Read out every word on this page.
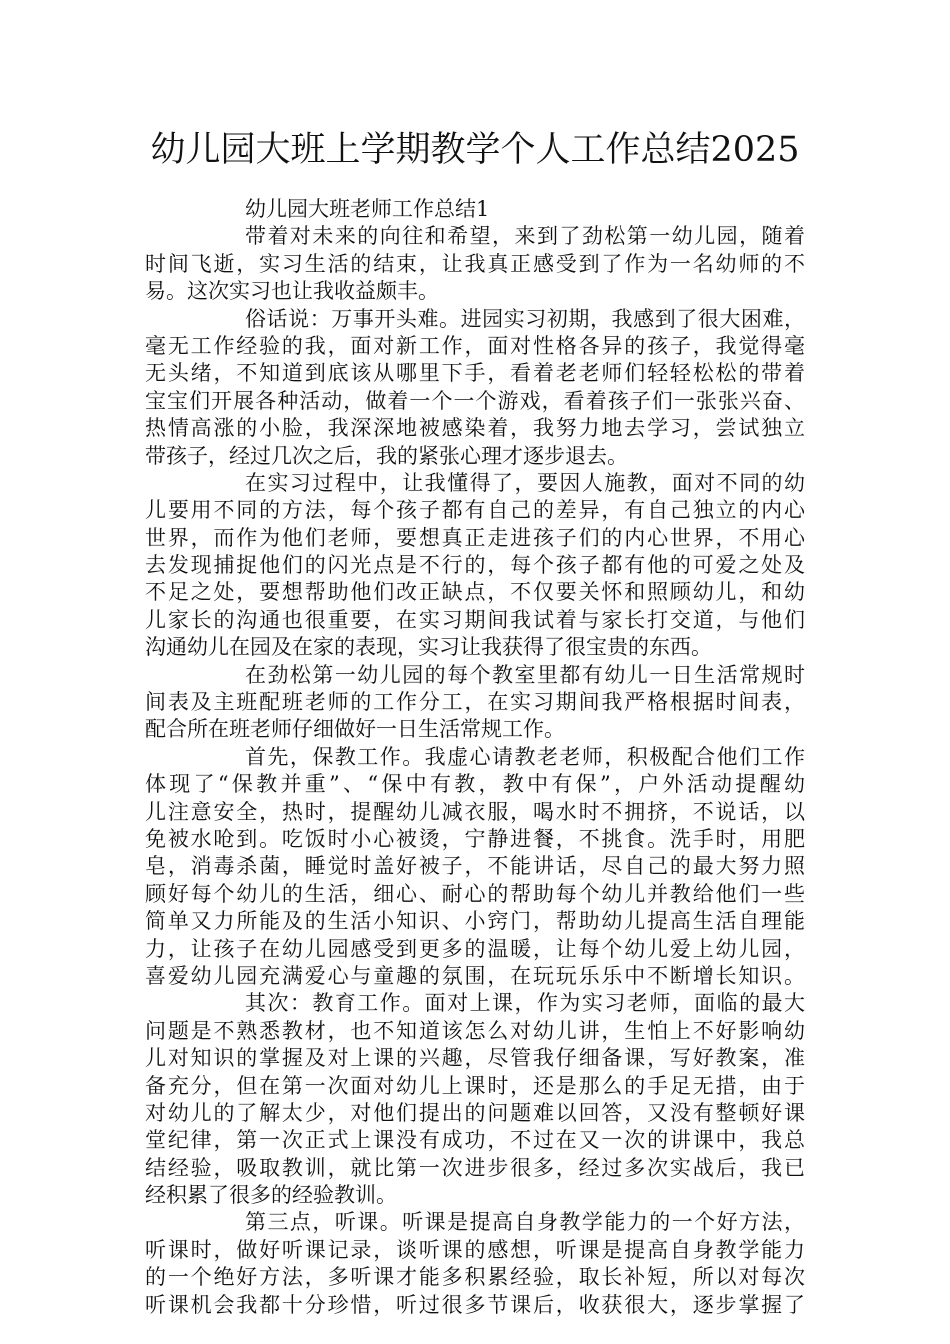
幼儿园大班上学期教学个人工作总结2025
幼儿园大班老师工作总结1
带着对未来的向往和希望，来到了劲松第一幼儿园，随着
时间飞逝，实习生活的结束，让我真正感受到了作为一名幼师的不
易。这次实习也让我收益颇丰。
俗话说：万事开头难。进园实习初期，我感到了很大困难，
毫无工作经验的我，面对新工作，面对性格各异的孩子，我觉得毫
无头绪，不知道到底该从哪里下手，看着老老师们轻轻松松的带着
宝宝们开展各种活动，做着一个一个游戏，看着孩子们一张张兴奋、
热情高涨的小脸，我深深地被感染着，我努力地去学习，尝试独立
带孩子，经过几次之后，我的紧张心理才逐步退去。
在实习过程中，让我懂得了，要因人施教，面对不同的幼
儿要用不同的方法，每个孩子都有自己的差异，有自己独立的内心
世界，而作为他们老师，要想真正走进孩子们的内心世界，不用心
去发现捕捉他们的闪光点是不行的，每个孩子都有他的可爱之处及
不足之处，要想帮助他们改正缺点，不仅要关怀和照顾幼儿，和幼
儿家长的沟通也很重要，在实习期间我试着与家长打交道，与他们
沟通幼儿在园及在家的表现，实习让我获得了很宝贵的东西。
在劲松第一幼儿园的每个教室里都有幼儿一日生活常规时
间表及主班配班老师的工作分工，在实习期间我严格根据时间表，
配合所在班老师仔细做好一日生活常规工作。
首先，保教工作。我虚心请教老老师，积极配合他们工作
体现了“保教并重”、“保中有教，教中有保”，户外活动提醒幼
儿注意安全，热时，提醒幼儿减衣服，喝水时不拥挤，不说话，以
免被水呛到。吃饭时小心被烫，宁静进餐，不挑食。洗手时，用肥
皂，消毒杀菌，睡觉时盖好被子，不能讲话，尽自己的最大努力照
顾好每个幼儿的生活，细心、耐心的帮助每个幼儿并教给他们一些
简单又力所能及的生活小知识、小窍门，帮助幼儿提高生活自理能
力，让孩子在幼儿园感受到更多的温暖，让每个幼儿爱上幼儿园，
喜爱幼儿园充满爱心与童趣的氛围，在玩玩乐乐中不断增长知识。
其次：教育工作。面对上课，作为实习老师，面临的最大
问题是不熟悉教材，也不知道该怎么对幼儿讲，生怕上不好影响幼
儿对知识的掌握及对上课的兴趣，尽管我仔细备课，写好教案，准
备充分，但在第一次面对幼儿上课时，还是那么的手足无措，由于
对幼儿的了解太少，对他们提出的问题难以回答，又没有整顿好课
堂纪律，第一次正式上课没有成功，不过在又一次的讲课中，我总
结经验，吸取教训，就比第一次进步很多，经过多次实战后，我已
经积累了很多的经验教训。
第三点，听课。听课是提高自身教学能力的一个好方法，
听课时，做好听课记录，谈听课的感想，听课是提高自身教学能力
的一个绝好方法，多听课才能多积累经验，取长补短，所以对每次
听课机会我都十分珍惜，听过很多节课后，收获很大，逐步掌握了
